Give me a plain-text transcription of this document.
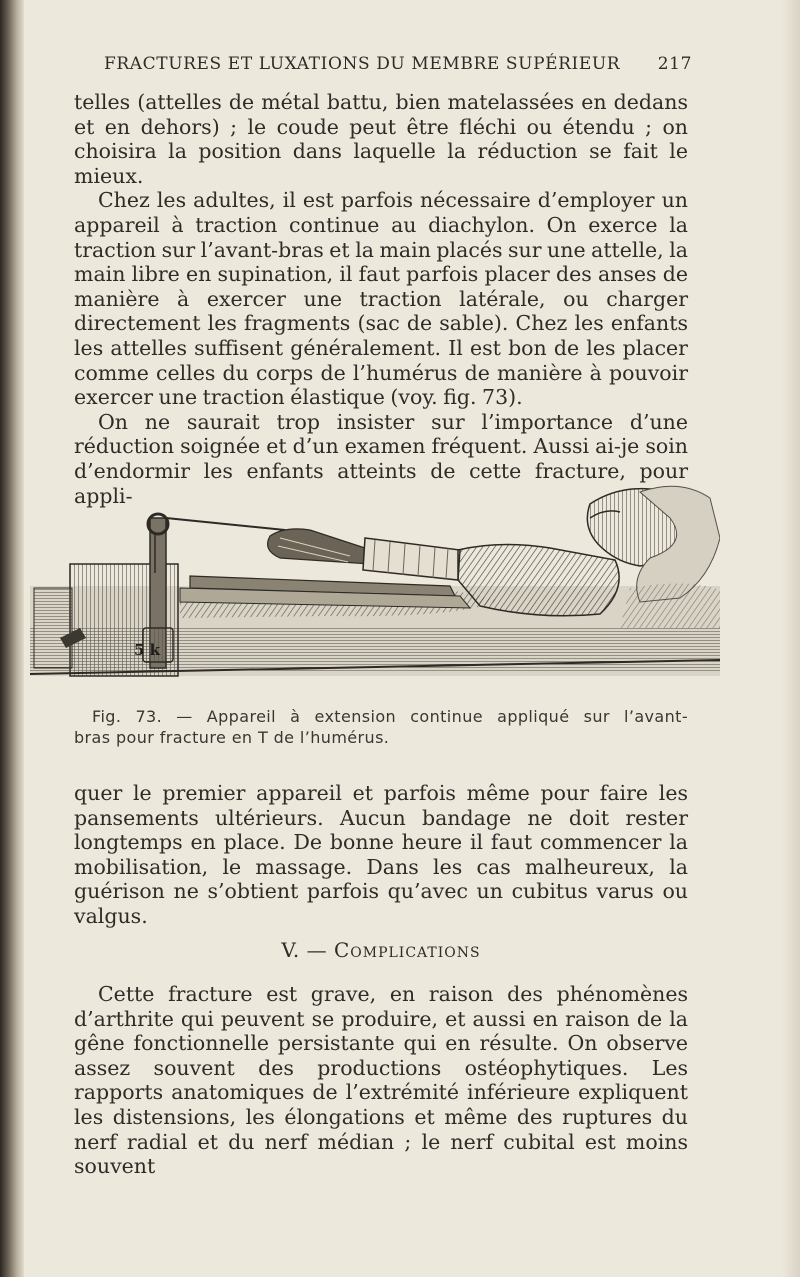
FRACTURES ET LUXATIONS DU MEMBRE SUPÉRIEUR 217

telles (attelles de métal battu, bien matelassées en dedans et en dehors) ; le coude peut être fléchi ou étendu ; on choisira la position dans laquelle la réduction se fait le mieux.

Chez les adultes, il est parfois nécessaire d’employer un appareil à traction continue au diachylon. On exerce la traction sur l’avant-bras et la main placés sur une attelle, la main libre en supination, il faut parfois placer des anses de manière à exercer une traction latérale, ou charger directement les fragments (sac de sable). Chez les enfants les attelles suffisent généralement. Il est bon de les placer comme celles du corps de l’humérus de manière à pouvoir exercer une traction élastique (voy. fig. 73).

On ne saurait trop insister sur l’importance d’une réduction soignée et d’un examen fréquent. Aussi ai-je soin d’endormir les enfants atteints de cette fracture, pour appli-

5 k
Fig. 73. — Appareil à extension continue appliqué sur l’avant-
bras pour fracture en T de l’humérus.

quer le premier appareil et parfois même pour faire les pansements ultérieurs. Aucun bandage ne doit rester longtemps en place. De bonne heure il faut commencer la mobilisation, le massage. Dans les cas malheureux, la guérison ne s’obtient parfois qu’avec un cubitus varus ou valgus.

V. — Complications

Cette fracture est grave, en raison des phénomènes d’arthrite qui peuvent se produire, et aussi en raison de la gêne fonctionnelle persistante qui en résulte. On observe assez souvent des productions ostéophytiques. Les rapports anatomiques de l’extrémité inférieure expliquent les distensions, les élongations et même des ruptures du nerf radial et du nerf médian ; le nerf cubital est moins souvent
